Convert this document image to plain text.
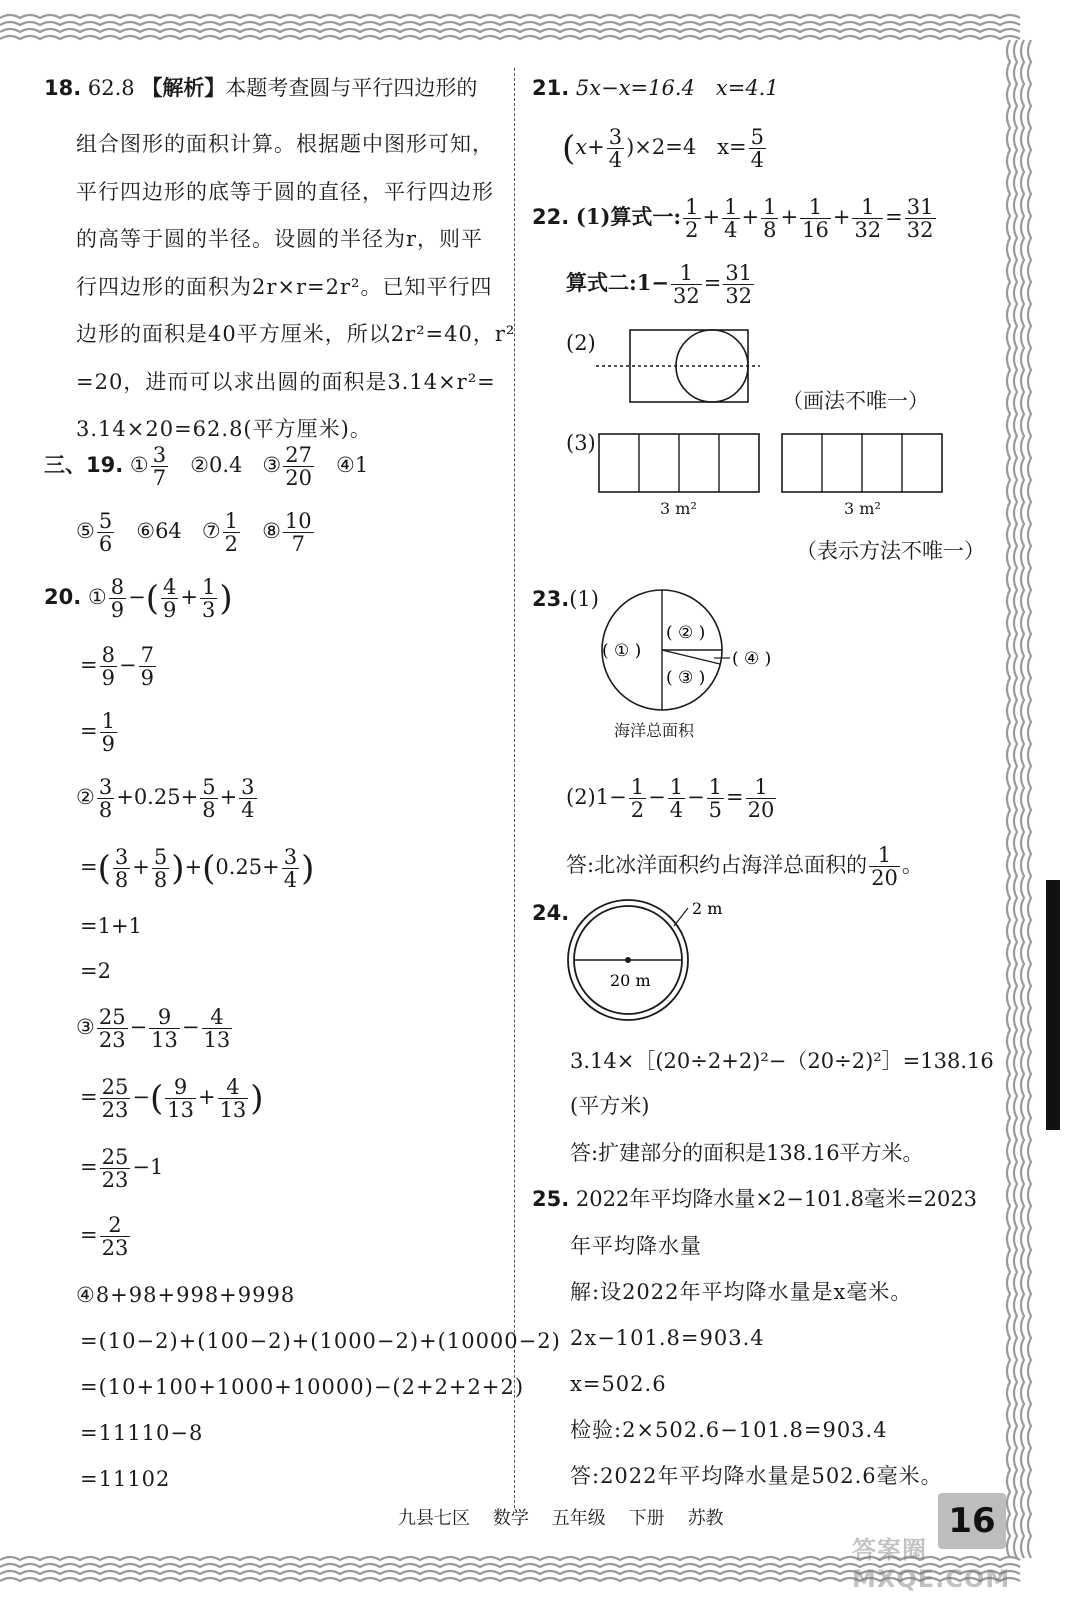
18. 62.8 【解析】本题考查圆与平行四边形的
组合图形的面积计算。根据题中图形可知，
平行四边形的底等于圆的直径，平行四边形
的高等于圆的半径。设圆的半径为r，则平
行四边形的面积为2r×r=2r²。已知平行四
边形的面积是40平方厘米，所以2r²=40，r²
=20，进而可以求出圆的面积是3.14×r²=
3.14×20=62.8(平方厘米)。
三、19. ① $\frac{3}{7}$ ②0.4 ③ $\frac{27}{20}$ ④1
⑤ $\frac{5}{6}$ ⑥64 ⑦ $\frac{1}{2}$ ⑧ $\frac{10}{7}$
20. ① $\frac{8}{9}$ −( $\frac{4}{9} + \frac{1}{3}$ )
= $\frac{8}{9} - \frac{7}{9}$
= $\frac{1}{9}$
② $\frac{3}{8} +0.25+ \frac{5}{8} + \frac{3}{4}$
=( $\frac{3}{8} + \frac{5}{8} )+(0.25+ \frac{3}{4}$ )
=1+1
=2
③ $\frac{25}{23} - \frac{9}{13} - \frac{4}{13}$
= $\frac{25}{23}$ −( $\frac{9}{13} + \frac{4}{13}$ )
= $\frac{25}{23} -1$
= $\frac{2}{23}$
④8+98+998+9998
=(10−2)+(100−2)+(1000−2)+(10000−2)
=(10+100+1000+10000)−(2+2+2+2)
=11110−8
=11102
21. 5x−x=16.4　x=4.1
$(x+ \frac{3}{4} )\times 2=4$　$x= \frac{5}{4}$
22. (1)算式一: $\frac{1}{2} + \frac{1}{4} + \frac{1}{8} + \frac{1}{16} + \frac{1}{32} = \frac{31}{32}$
算式二:1− $\frac{1}{32} = \frac{31}{32}$
(2)
（画法不唯一）
(3)
3 m²	3 m²
（表示方法不唯一）
23.(1)
( ① )
( ② )
( ③ )
( ④ )
海洋总面积
$(2)1- \frac{1}{2} - \frac{1}{4} - \frac{1}{5} = \frac{1}{20}$
答:北冰洋面积约占海洋总面积的 $\frac{1}{20}$ 。
24.	2 m
20 m
3.14×［(20÷2+2)²−（20÷2)²］=138.16
(平方米)
答:扩建部分的面积是138.16平方米。
25. 2022年平均降水量×2−101.8毫米=2023
年平均降水量
解:设2022年平均降水量是x毫米。
2x−101.8=903.4
x=502.6
检验:2×502.6−101.8=903.4
答:2022年平均降水量是502.6毫米。
九县七区 数学 五年级 下册 苏教	16
答案圈 MXQE.COM
